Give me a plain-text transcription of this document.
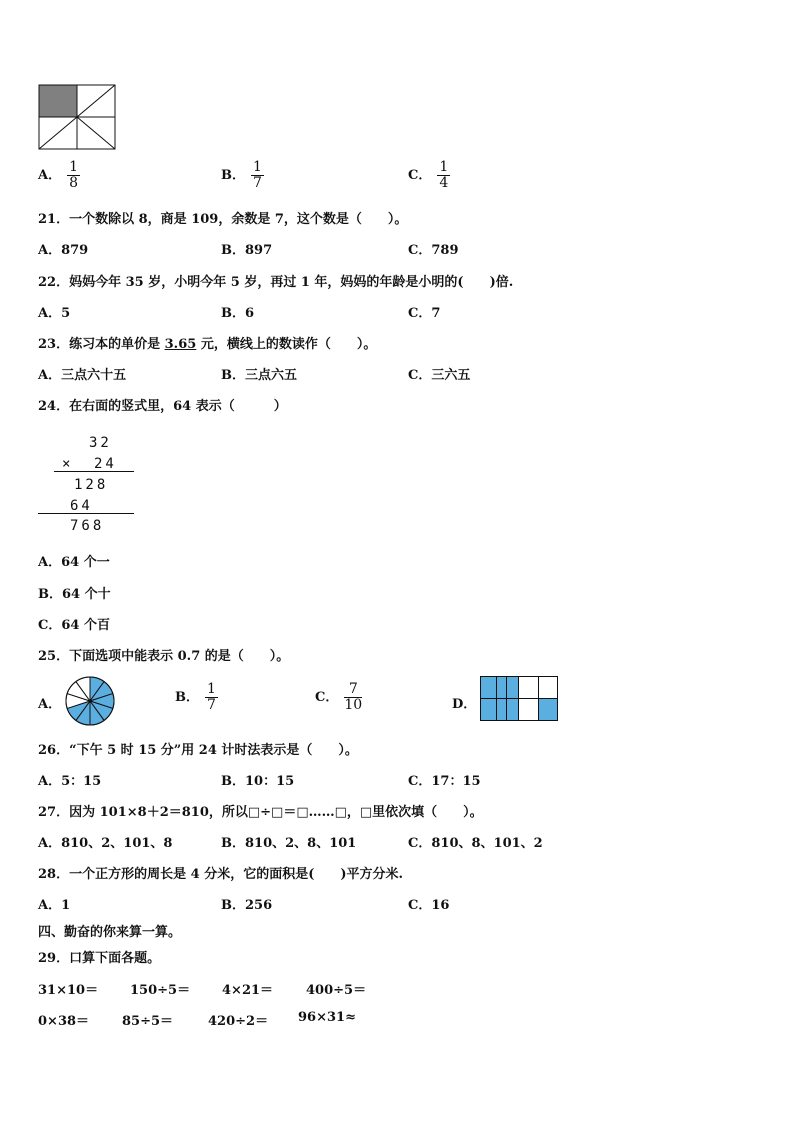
A． $\frac{1}{8}$	B． $\frac{1}{7}$	C． $\frac{1}{4}$
21．一个数除以 8，商是 109，余数是 7，这个数是（　　）。
A．879	B．897	C．789
22．妈妈今年 35 岁，小明今年 5 岁，再过 1 年，妈妈的年龄是小明的(　　)倍.
A．5	B．6	C．7
23．练习本的单价是 3.65 元，横线上的数读作（　　）。
A．三点六十五	B．三点六五	C．三六五
24．在右面的竖式里，64 表示（　　　）
32
× 24
128
64
768
A．64 个一
B．64 个十
C．64 个百
25．下面选项中能表示 0.7 的是（　　）。
A．	B． $\frac{1}{7}$	C． $\frac{7}{10}$	D．
26．“下午 5 时 15 分”用 24 计时法表示是（　　）。
A．5：15	B．10：15	C．17：15
27．因为 101×8＋2＝810，所以□÷□＝□……□，□里依次填（　　）。
A．810、2、101、8	B．810、2、8、101	C．810、8、101、2
28．一个正方形的周长是 4 分米，它的面积是(　　)平方分米.
A．1	B．256	C．16
四、勤奋的你来算一算。
29．口算下面各题。
31×10＝ 150÷5＝ 4×21＝	400÷5＝
0×38＝	85÷5＝	420÷2＝ 96×31≈
